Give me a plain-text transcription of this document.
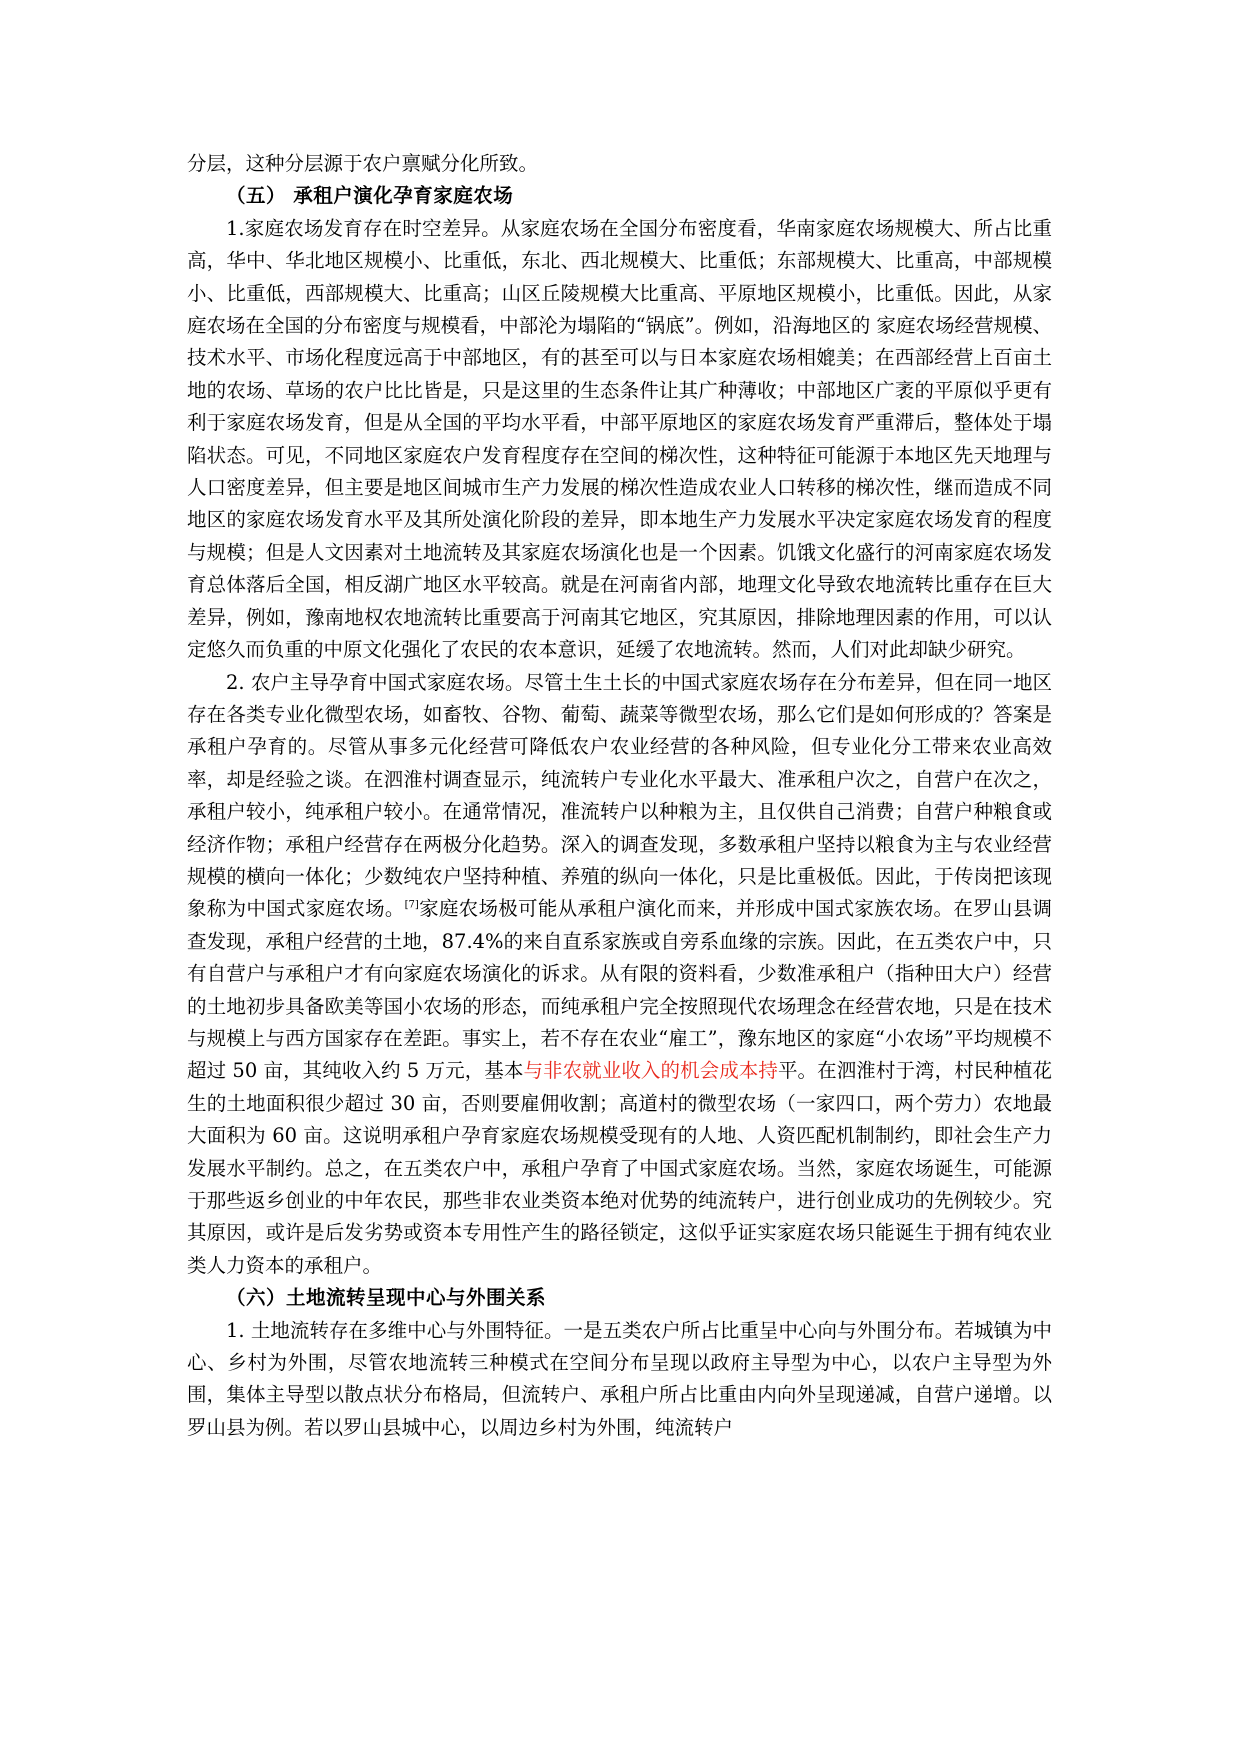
分层，这种分层源于农户禀赋分化所致。

（五） 承租户演化孕育家庭农场

1.家庭农场发育存在时空差异。从家庭农场在全国分布密度看，华南家庭农场规模大、所占比重高，华中、华北地区规模小、比重低，东北、西北规模大、比重低；东部规模大、比重高，中部规模小、比重低，西部规模大、比重高；山区丘陵规模大比重高、平原地区规模小，比重低。因此，从家庭农场在全国的分布密度与规模看，中部沦为塌陷的“锅底”。例如，沿海地区的 家庭农场经营规模、技术水平、市场化程度远高于中部地区，有的甚至可以与日本家庭农场相媲美；在西部经营上百亩土地的农场、草场的农户比比皆是，只是这里的生态条件让其广种薄收；中部地区广袤的平原似乎更有利于家庭农场发育，但是从全国的平均水平看，中部平原地区的家庭农场发育严重滞后，整体处于塌陷状态。可见，不同地区家庭农户发育程度存在空间的梯次性，这种特征可能源于本地区先天地理与人口密度差异，但主要是地区间城市生产力发展的梯次性造成农业人口转移的梯次性，继而造成不同地区的家庭农场发育水平及其所处演化阶段的差异，即本地生产力发展水平决定家庭农场发育的程度与规模；但是人文因素对土地流转及其家庭农场演化也是一个因素。饥饿文化盛行的河南家庭农场发育总体落后全国，相反湖广地区水平较高。就是在河南省内部，地理文化导致农地流转比重存在巨大差异，例如，豫南地权农地流转比重要高于河南其它地区，究其原因，排除地理因素的作用，可以认定悠久而负重的中原文化强化了农民的农本意识，延缓了农地流转。然而，人们对此却缺少研究。

2. 农户主导孕育中国式家庭农场。尽管土生土长的中国式家庭农场存在分布差异，但在同一地区存在各类专业化微型农场，如畜牧、谷物、葡萄、蔬菜等微型农场，那么它们是如何形成的？答案是承租户孕育的。尽管从事多元化经营可降低农户农业经营的各种风险，但专业化分工带来农业高效率，却是经验之谈。在泗淮村调查显示，纯流转户专业化水平最大、准承租户次之，自营户在次之，承租户较小，纯承租户较小。在通常情况，准流转户以种粮为主，且仅供自己消费；自营户种粮食或经济作物；承租户经营存在两极分化趋势。深入的调查发现，多数承租户坚持以粮食为主与农业经营规模的横向一体化；少数纯农户坚持种植、养殖的纵向一体化，只是比重极低。因此，于传岗把该现象称为中国式家庭农场。[7]家庭农场极可能从承租户演化而来，并形成中国式家族农场。在罗山县调查发现，承租户经营的土地，87.4%的来自直系家族或自旁系血缘的宗族。因此，在五类农户中，只有自营户与承租户才有向家庭农场演化的诉求。从有限的资料看，少数准承租户（指种田大户）经营的土地初步具备欧美等国小农场的形态，而纯承租户完全按照现代农场理念在经营农地，只是在技术与规模上与西方国家存在差距。事实上，若不存在农业“雇工”，豫东地区的家庭“小农场”平均规模不超过 50 亩，其纯收入约 5 万元，基本与非农就业收入的机会成本持平。在泗淮村于湾，村民种植花生的土地面积很少超过 30 亩，否则要雇佣收割；高道村的微型农场（一家四口，两个劳力）农地最大面积为 60 亩。这说明承租户孕育家庭农场规模受现有的人地、人资匹配机制制约，即社会生产力发展水平制约。总之，在五类农户中，承租户孕育了中国式家庭农场。当然，家庭农场诞生，可能源于那些返乡创业的中年农民，那些非农业类资本绝对优势的纯流转户，进行创业成功的先例较少。究其原因，或许是后发劣势或资本专用性产生的路径锁定，这似乎证实家庭农场只能诞生于拥有纯农业类人力资本的承租户。

（六）土地流转呈现中心与外围关系

1. 土地流转存在多维中心与外围特征。一是五类农户所占比重呈中心向与外围分布。若城镇为中心、乡村为外围，尽管农地流转三种模式在空间分布呈现以政府主导型为中心，以农户主导型为外围，集体主导型以散点状分布格局，但流转户、承租户所占比重由内向外呈现递减，自营户递增。以罗山县为例。若以罗山县城中心，以周边乡村为外围，纯流转户
